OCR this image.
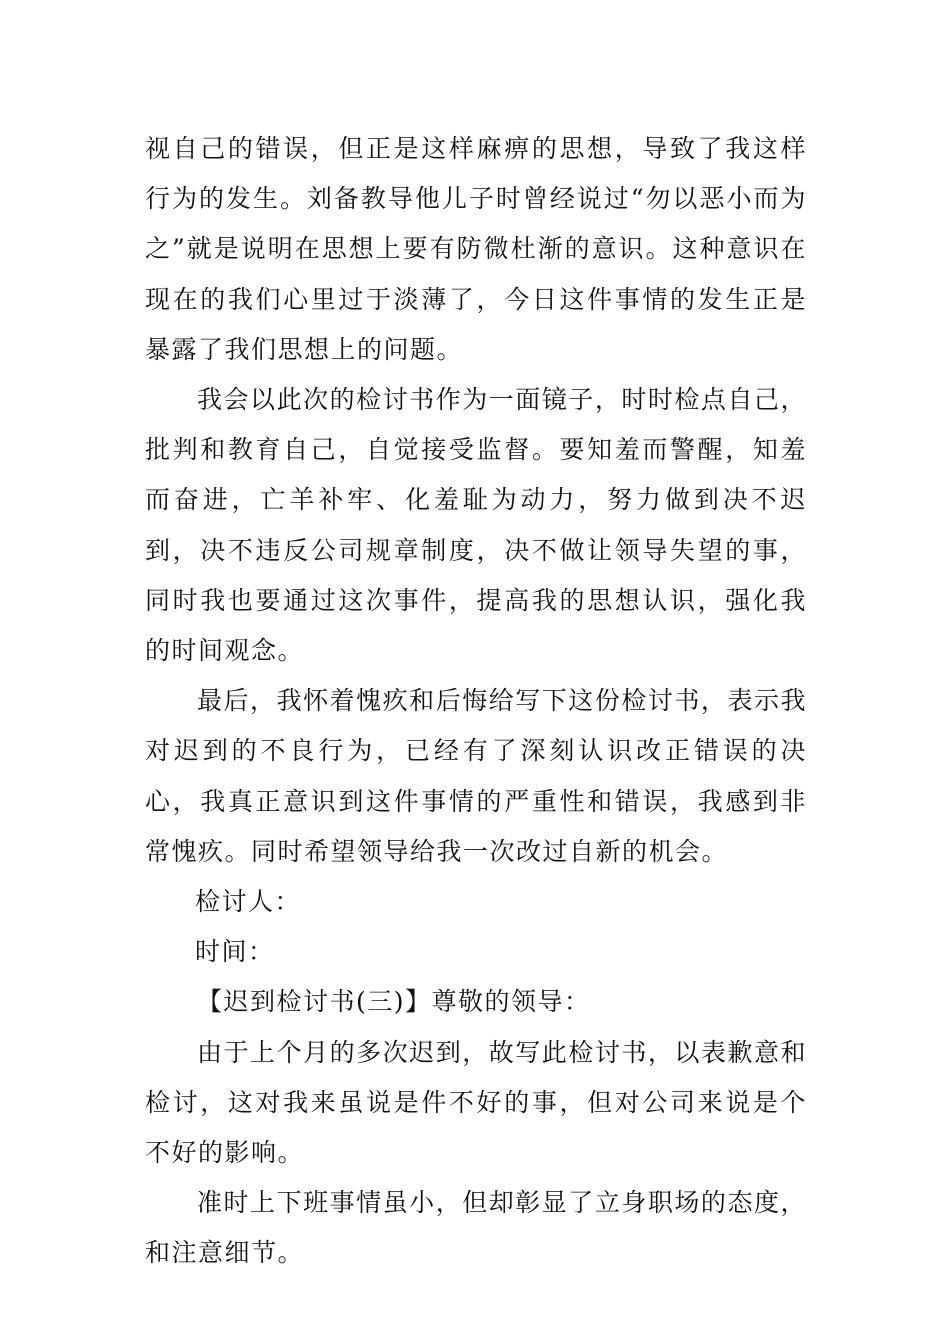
视自己的错误，但正是这样麻痹的思想，导致了我这样行为的发生。刘备教导他儿子时曾经说过“勿以恶小而为之”就是说明在思想上要有防微杜渐的意识。这种意识在现在的我们心里过于淡薄了，今日这件事情的发生正是暴露了我们思想上的问题。

我会以此次的检讨书作为一面镜子，时时检点自己，批判和教育自己，自觉接受监督。要知羞而警醒，知羞而奋进，亡羊补牢、化羞耻为动力，努力做到决不迟到，决不违反公司规章制度，决不做让领导失望的事，同时我也要通过这次事件，提高我的思想认识，强化我的时间观念。

最后，我怀着愧疚和后悔给写下这份检讨书，表示我对迟到的不良行为，已经有了深刻认识改正错误的决心，我真正意识到这件事情的严重性和错误，我感到非常愧疚。同时希望领导给我一次改过自新的机会。

检讨人：

时间：

【迟到检讨书(三)】尊敬的领导：

由于上个月的多次迟到，故写此检讨书，以表歉意和检讨，这对我来虽说是件不好的事，但对公司来说是个不好的影响。

准时上下班事情虽小，但却彰显了立身职场的态度，和注意细节。
